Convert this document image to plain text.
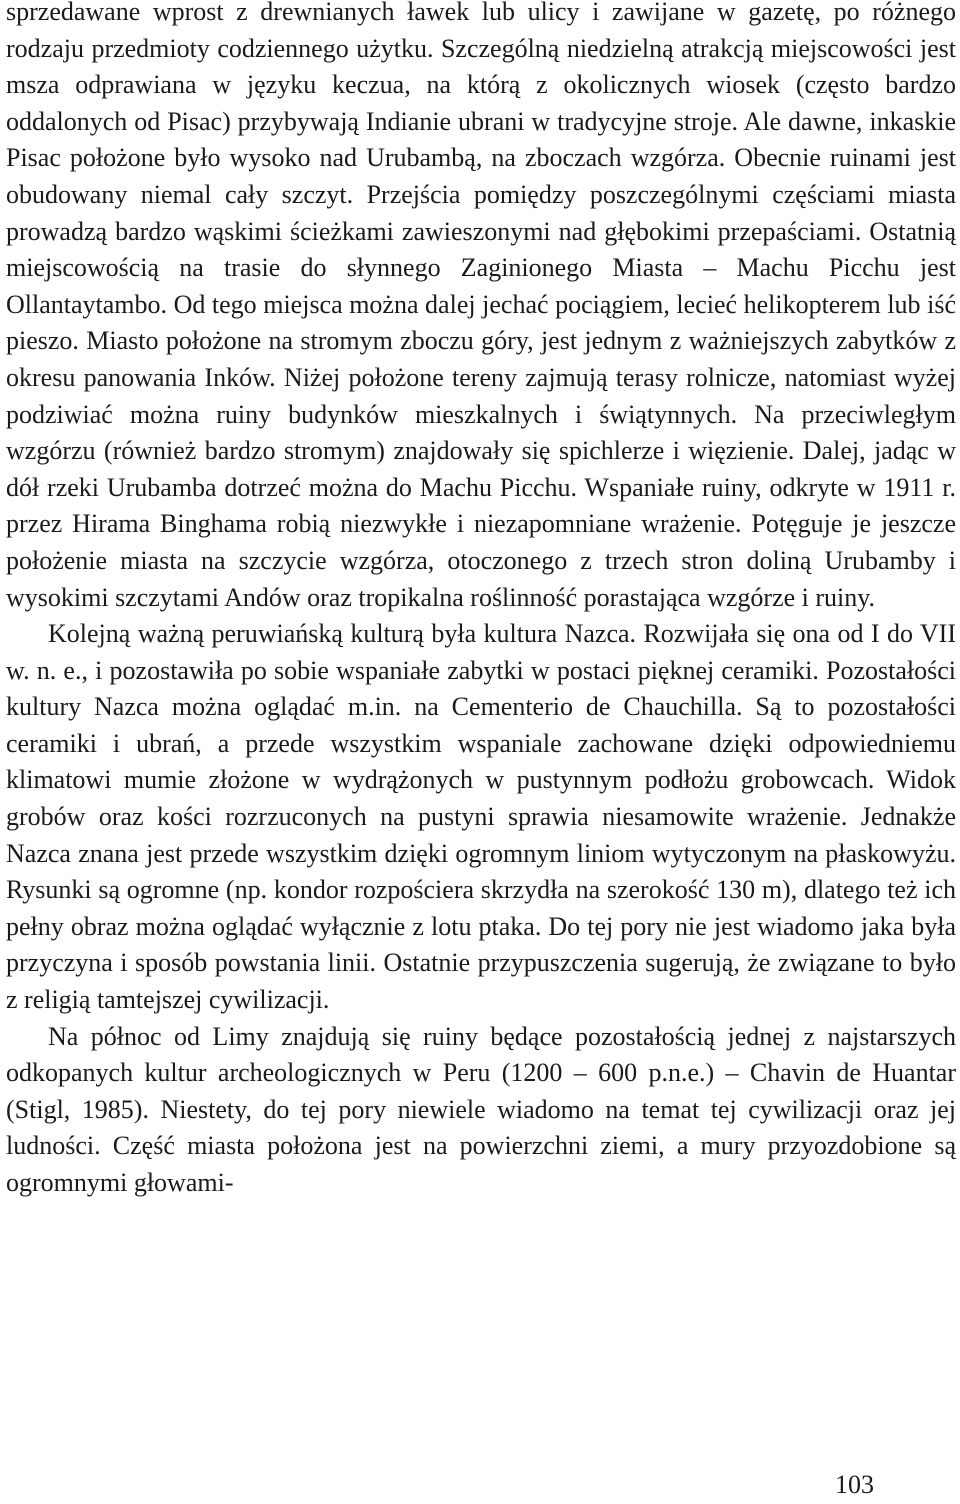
sprzedawane wprost z drewnianych ławek lub ulicy i zawijane w gazetę, po różnego rodzaju przedmioty codziennego użytku. Szczególną niedzielną atrakcją miejscowości jest msza odprawiana w języku keczua, na którą z okolicznych wiosek (często bardzo oddalonych od Pisac) przybywają Indianie ubrani w tradycyjne stroje. Ale dawne, inkaskie Pisac położone było wysoko nad Urubambą, na zboczach wzgórza. Obecnie ruinami jest obudowany niemal cały szczyt. Przejścia pomiędzy poszczególnymi częściami miasta prowadzą bardzo wąskimi ścieżkami zawieszonymi nad głębokimi przepaściami. Ostatnią miejscowością na trasie do słynnego Zaginionego Miasta – Machu Picchu jest Ollantaytambo. Od tego miejsca można dalej jechać pociągiem, lecieć helikopterem lub iść pieszo. Miasto położone na stromym zboczu góry, jest jednym z ważniejszych zabytków z okresu panowania Inków. Niżej położone tereny zajmują terasy rolnicze, natomiast wyżej podziwiać można ruiny budynków mieszkalnych i świątynnych. Na przeciwległym wzgórzu (również bardzo stromym) znajdowały się spichlerze i więzienie. Dalej, jadąc w dół rzeki Urubamba dotrzeć można do Machu Picchu. Wspaniałe ruiny, odkryte w 1911 r. przez Hirama Binghama robią niezwykłe i niezapomniane wrażenie. Potęguje je jeszcze położenie miasta na szczycie wzgórza, otoczonego z trzech stron doliną Urubamby i wysokimi szczytami Andów oraz tropikalna roślinność porastająca wzgórze i ruiny.

Kolejną ważną peruwiańską kulturą była kultura Nazca. Rozwijała się ona od I do VII w. n. e., i pozostawiła po sobie wspaniałe zabytki w postaci pięknej ceramiki. Pozostałości kultury Nazca można oglądać m.in. na Cementerio de Chauchilla. Są to pozostałości ceramiki i ubrań, a przede wszystkim wspaniale zachowane dzięki odpowiedniemu klimatowi mumie złożone w wydrążonych w pustynnym podłożu grobowcach. Widok grobów oraz kości rozrzuconych na pustyni sprawia niesamowite wrażenie. Jednakże Nazca znana jest przede wszystkim dzięki ogromnym liniom wytyczonym na płaskowyżu. Rysunki są ogromne (np. kondor rozpościera skrzydła na szerokość 130 m), dlatego też ich pełny obraz można oglądać wyłącznie z lotu ptaka. Do tej pory nie jest wiadomo jaka była przyczyna i sposób powstania linii. Ostatnie przypuszczenia sugerują, że związane to było z religią tamtejszej cywilizacji.

Na północ od Limy znajdują się ruiny będące pozostałością jednej z najstarszych odkopanych kultur archeologicznych w Peru (1200 – 600 p.n.e.) – Chavin de Huantar (Stigl, 1985). Niestety, do tej pory niewiele wiadomo na temat tej cywilizacji oraz jej ludności. Część miasta położona jest na powierzchni ziemi, a mury przyozdobione są ogromnymi głowami-

103
